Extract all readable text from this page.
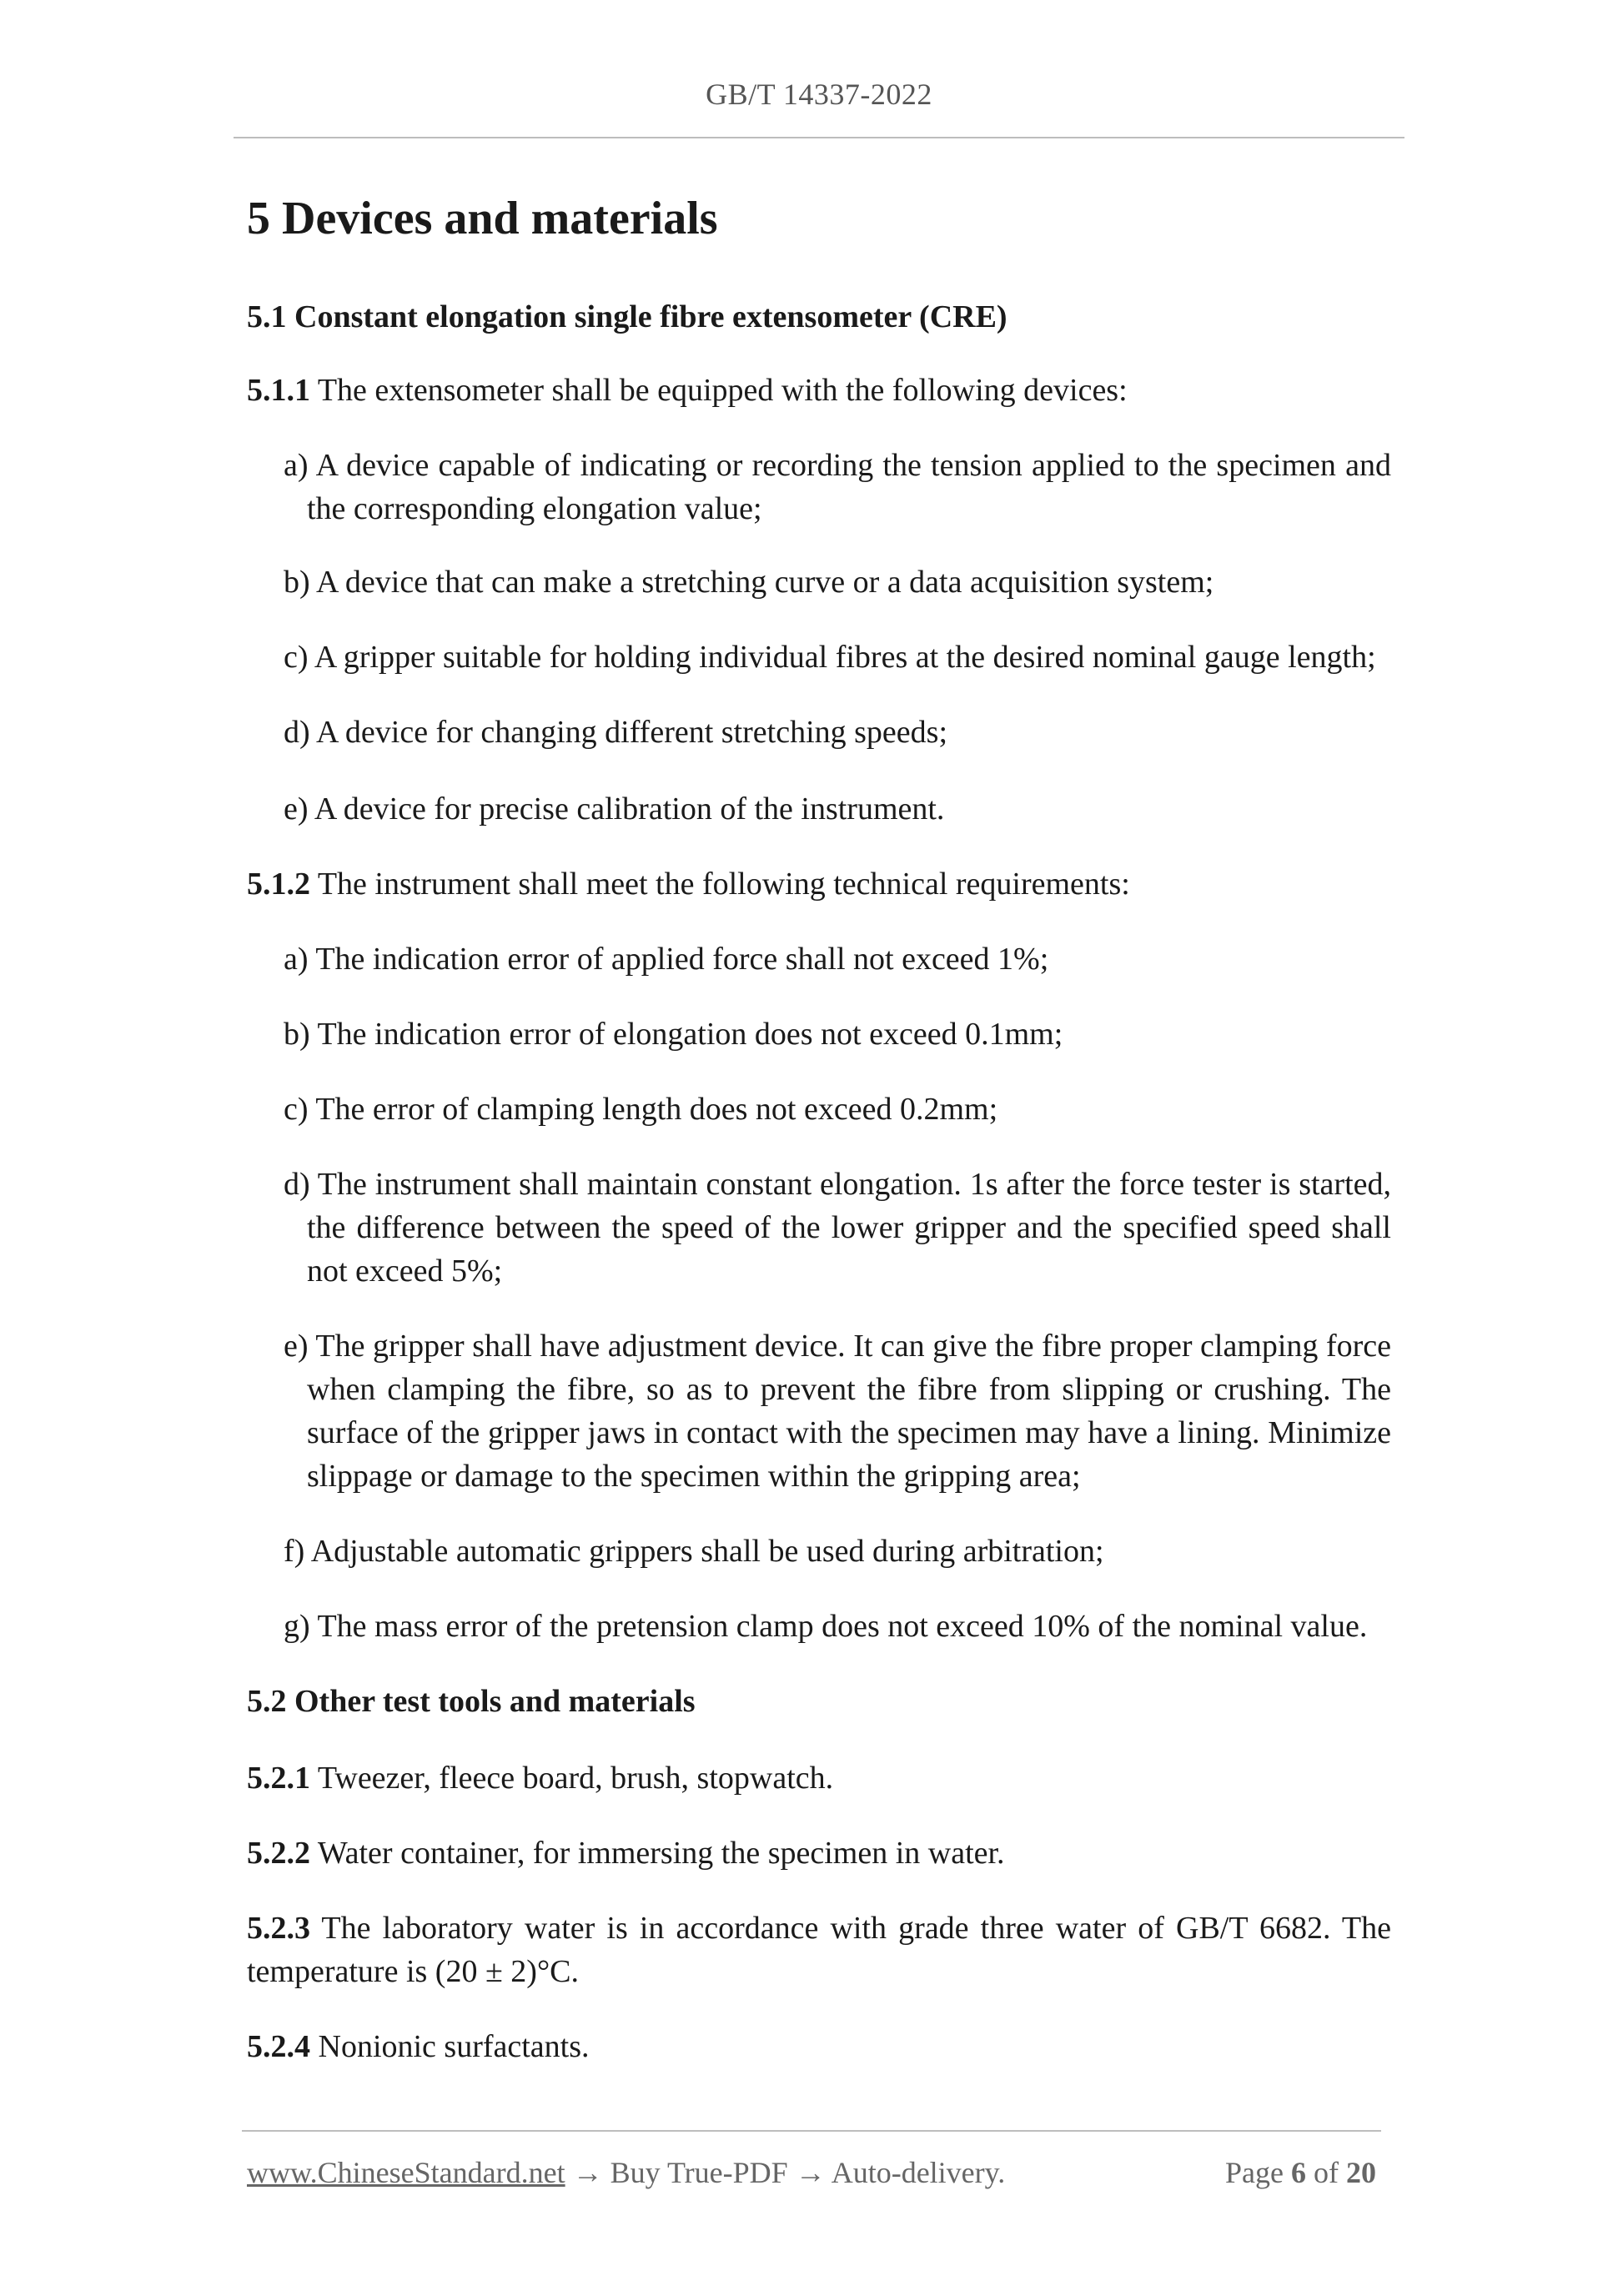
GB/T 14337-2022
5 Devices and materials
5.1 Constant elongation single fibre extensometer (CRE)
5.1.1 The extensometer shall be equipped with the following devices:
a) A device capable of indicating or recording the tension applied to the specimen and the corresponding elongation value;
b) A device that can make a stretching curve or a data acquisition system;
c) A gripper suitable for holding individual fibres at the desired nominal gauge length;
d) A device for changing different stretching speeds;
e) A device for precise calibration of the instrument.
5.1.2 The instrument shall meet the following technical requirements:
a) The indication error of applied force shall not exceed 1%;
b) The indication error of elongation does not exceed 0.1mm;
c) The error of clamping length does not exceed 0.2mm;
d) The instrument shall maintain constant elongation. 1s after the force tester is started, the difference between the speed of the lower gripper and the specified speed shall not exceed 5%;
e) The gripper shall have adjustment device. It can give the fibre proper clamping force when clamping the fibre, so as to prevent the fibre from slipping or crushing. The surface of the gripper jaws in contact with the specimen may have a lining. Minimize slippage or damage to the specimen within the gripping area;
f) Adjustable automatic grippers shall be used during arbitration;
g) The mass error of the pretension clamp does not exceed 10% of the nominal value.
5.2 Other test tools and materials
5.2.1 Tweezer, fleece board, brush, stopwatch.
5.2.2 Water container, for immersing the specimen in water.
5.2.3 The laboratory water is in accordance with grade three water of GB/T 6682. The temperature is (20 ± 2)°C.
5.2.4 Nonionic surfactants.
www.ChineseStandard.net → Buy True-PDF → Auto-delivery.	Page 6 of 20
